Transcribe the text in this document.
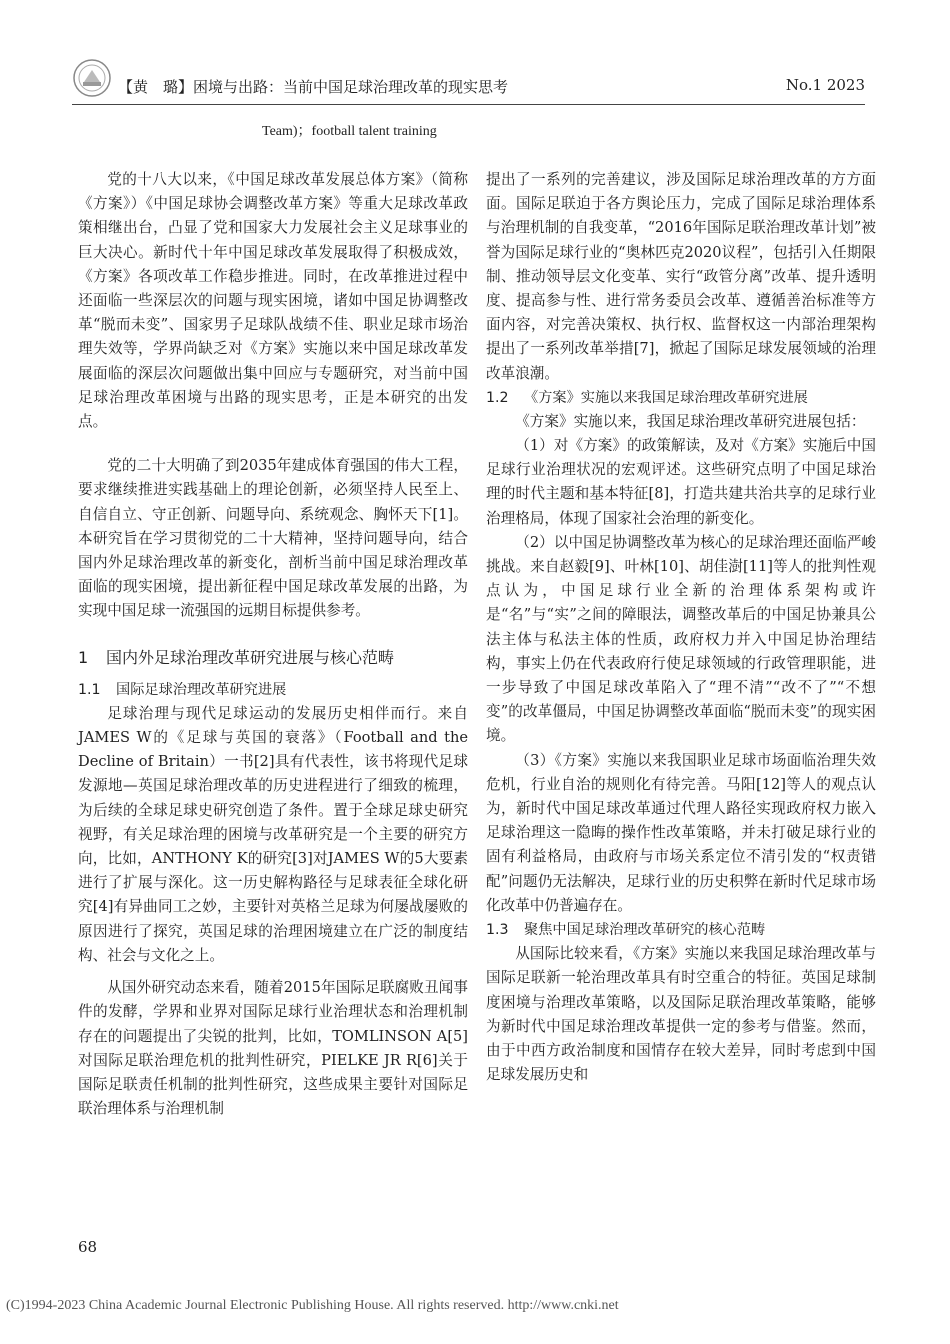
【黄　璐】困境与出路：当前中国足球治理改革的现实思考	No.1 2023
Team)；football talent training

党的十八大以来，《中国足球改革发展总体方案》（简称《方案》）《中国足球协会调整改革方案》等重大足球改革政策相继出台，凸显了党和国家大力发展社会主义足球事业的巨大决心。新时代十年中国足球改革发展取得了积极成效，《方案》各项改革工作稳步推进。同时，在改革推进过程中还面临一些深层次的问题与现实困境，诸如中国足协调整改革“脱而未变”、国家男子足球队战绩不佳、职业足球市场治理失效等，学界尚缺乏对《方案》实施以来中国足球改革发展面临的深层次问题做出集中回应与专题研究，对当前中国足球治理改革困境与出路的现实思考，正是本研究的出发点。

党的二十大明确了到2035年建成体育强国的伟大工程，要求继续推进实践基础上的理论创新，必须坚持人民至上、自信自立、守正创新、问题导向、系统观念、胸怀天下[1]。本研究旨在学习贯彻党的二十大精神，坚持问题导向，结合国内外足球治理改革的新变化，剖析当前中国足球治理改革面临的现实困境，提出新征程中国足球改革发展的出路，为实现中国足球一流强国的远期目标提供参考。

1 国内外足球治理改革研究进展与核心范畴
1.1 国际足球治理改革研究进展

足球治理与现代足球运动的发展历史相伴而行。来自JAMES W的《足球与英国的衰落》（Football and the Decline of Britain）一书[2]具有代表性，该书将现代足球发源地—英国足球治理改革的历史进程进行了细致的梳理，为后续的全球足球史研究创造了条件。置于全球足球史研究视野，有关足球治理的困境与改革研究是一个主要的研究方向，比如，ANTHONY K的研究[3]对JAMES W的5大要素进行了扩展与深化。这一历史解构路径与足球表征全球化研究[4]有异曲同工之妙，主要针对英格兰足球为何屡战屡败的原因进行了探究，英国足球的治理困境建立在广泛的制度结构、社会与文化之上。

从国外研究动态来看，随着2015年国际足联腐败丑闻事件的发酵，学界和业界对国际足球行业治理状态和治理机制存在的问题提出了尖锐的批判，比如，TOMLINSON A[5]对国际足联治理危机的批判性研究，PIELKE JR R[6]关于国际足联责任机制的批判性研究，这些成果主要针对国际足联治理体系与治理机制

提出了一系列的完善建议，涉及国际足球治理改革的方方面面。国际足联迫于各方舆论压力，完成了国际足球治理体系与治理机制的自我变革，“2016年国际足联治理改革计划”被誉为国际足球行业的“奥林匹克2020议程”，包括引入任期限制、推动领导层文化变革、实行“政管分离”改革、提升透明度、提高参与性、进行常务委员会改革、遵循善治标准等方面内容，对完善决策权、执行权、监督权这一内部治理架构提出了一系列改革举措[7]，掀起了国际足球发展领域的治理改革浪潮。

1.2 《方案》实施以来我国足球治理改革研究进展

《方案》实施以来，我国足球治理改革研究进展包括：

（1）对《方案》的政策解读，及对《方案》实施后中国足球行业治理状况的宏观评述。这些研究点明了中国足球治理的时代主题和基本特征[8]，打造共建共治共享的足球行业治理格局，体现了国家社会治理的新变化。

（2）以中国足协调整改革为核心的足球治理还面临严峻挑战。来自赵毅[9]、叶林[10]、胡佳澍[11]等人的批判性观点认为，中国足球行业全新的治理体系架构或许是“名”与“实”之间的障眼法，调整改革后的中国足协兼具公法主体与私法主体的性质，政府权力并入中国足协治理结构，事实上仍在代表政府行使足球领域的行政管理职能，进一步导致了中国足球改革陷入了“理不清”“改不了”“不想变”的改革僵局，中国足协调整改革面临“脱而未变”的现实困境。

（3）《方案》实施以来我国职业足球市场面临治理失效危机，行业自治的规则化有待完善。马阳[12]等人的观点认为，新时代中国足球改革通过代理人路径实现政府权力嵌入足球治理这一隐晦的操作性改革策略，并未打破足球行业的固有利益格局，由政府与市场关系定位不清引发的“权责错配”问题仍无法解决，足球行业的历史积弊在新时代足球市场化改革中仍普遍存在。

1.3 聚焦中国足球治理改革研究的核心范畴

从国际比较来看，《方案》实施以来我国足球治理改革与国际足联新一轮治理改革具有时空重合的特征。英国足球制度困境与治理改革策略，以及国际足联治理改革策略，能够为新时代中国足球治理改革提供一定的参考与借鉴。然而，由于中西方政治制度和国情存在较大差异，同时考虑到中国足球发展历史和

68
(C)1994-2023 China Academic Journal Electronic Publishing House. All rights reserved. http://www.cnki.net
